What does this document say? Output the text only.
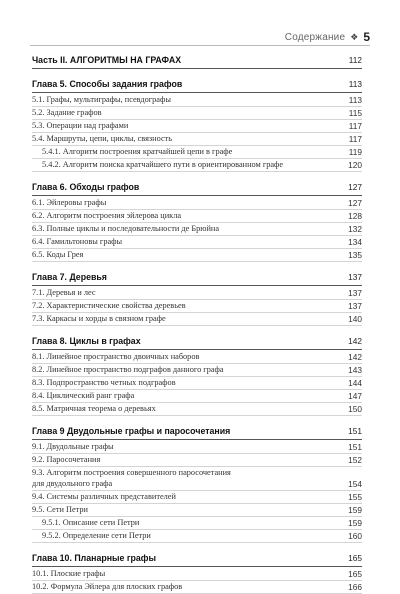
Содержание ❖ 5
Часть II. АЛГОРИТМЫ НА ГРАФАХ	112
Глава 5. Способы задания графов	113
5.1. Графы, мультиграфы, псевдографы	113
5.2. Задание графов	115
5.3. Операции над графами	117
5.4. Маршруты, цепи, циклы, связность	117
5.4.1. Алгоритм построения кратчайшей цепи в графе	119
5.4.2. Алгоритм поиска кратчайшего пути в ориентированном графе	120
Глава 6. Обходы графов	127
6.1. Эйлеровы графы	127
6.2. Алгоритм построения эйлерова цикла	128
6.3. Полные циклы и последовательности де Брюйна	132
6.4. Гамильтоновы графы	134
6.5. Коды Грея	135
Глава 7. Деревья	137
7.1. Деревья и лес	137
7.2. Характеристические свойства деревьев	137
7.3. Каркасы и хорды в связном графе	140
Глава 8. Циклы в графах	142
8.1. Линейное пространство двоичных наборов	142
8.2. Линейное пространство подграфов данного графа	143
8.3. Подпространство четных подграфов	144
8.4. Циклический ранг графа	147
8.5. Матричная теорема о деревьях	150
Глава 9 Двудольные графы и паросочетания	151
9.1. Двудольные графы	151
9.2. Паросочетания	152
9.3. Алгоритм построения совершенного паросочетания
для двудольного графа	154
9.4. Системы различных представителей	155
9.5. Сети Петри	159
9.5.1. Описание сети Петри	159
9.5.2. Определение сети Петри	160
Глава 10. Планарные графы	165
10.1. Плоские графы	165
10.2. Формула Эйлера для плоских графов	166
